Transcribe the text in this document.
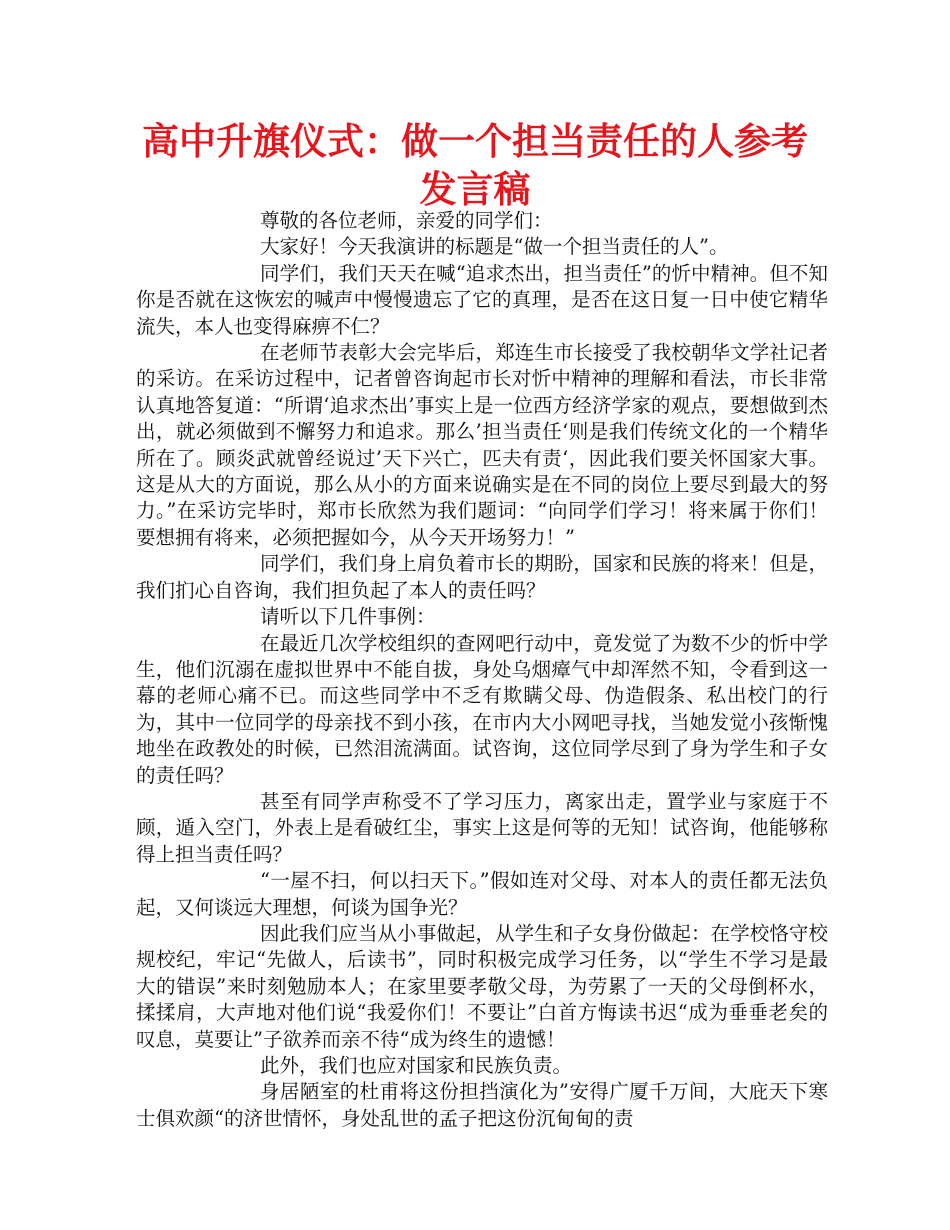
高中升旗仪式：做一个担当责任的人参考发言稿

尊敬的各位老师，亲爱的同学们：

大家好！今天我演讲的标题是“做一个担当责任的人”。

同学们，我们天天在喊“追求杰出，担当责任”的忻中精神。但不知你是否就在这恢宏的喊声中慢慢遗忘了它的真理，是否在这日复一日中使它精华流失，本人也变得麻痹不仁？

在老师节表彰大会完毕后，郑连生市长接受了我校朝华文学社记者的采访。在采访过程中，记者曾咨询起市长对忻中精神的理解和看法，市长非常认真地答复道：“所谓‘追求杰出’事实上是一位西方经济学家的观点，要想做到杰出，就必须做到不懈努力和追求。那么’担当责任‘则是我们传统文化的一个精华所在了。顾炎武就曾经说过’天下兴亡，匹夫有责‘，因此我们要关怀国家大事。这是从大的方面说，那么从小的方面来说确实是在不同的岗位上要尽到最大的努力。”在采访完毕时，郑市长欣然为我们题词：“向同学们学习！将来属于你们！要想拥有将来，必须把握如今，从今天开场努力！”

同学们，我们身上肩负着市长的期盼，国家和民族的将来！但是，我们扪心自咨询，我们担负起了本人的责任吗？

请听以下几件事例：

在最近几次学校组织的查网吧行动中，竟发觉了为数不少的忻中学生，他们沉溺在虚拟世界中不能自拔，身处乌烟瘴气中却浑然不知，令看到这一幕的老师心痛不已。而这些同学中不乏有欺瞒父母、伪造假条、私出校门的行为，其中一位同学的母亲找不到小孩，在市内大小网吧寻找，当她发觉小孩惭愧地坐在政教处的时候，已然泪流满面。试咨询，这位同学尽到了身为学生和子女的责任吗？

甚至有同学声称受不了学习压力，离家出走，置学业与家庭于不顾，遁入空门，外表上是看破红尘，事实上这是何等的无知！试咨询，他能够称得上担当责任吗？

“一屋不扫，何以扫天下。”假如连对父母、对本人的责任都无法负起，又何谈远大理想，何谈为国争光？

因此我们应当从小事做起，从学生和子女身份做起：在学校恪守校规校纪，牢记“先做人，后读书”，同时积极完成学习任务，以“学生不学习是最大的错误”来时刻勉励本人；在家里要孝敬父母，为劳累了一天的父母倒杯水，揉揉肩，大声地对他们说“我爱你们！不要让”白首方悔读书迟“成为垂垂老矣的叹息，莫要让”子欲养而亲不待“成为终生的遗憾！

此外，我们也应对国家和民族负责。

身居陋室的杜甫将这份担挡演化为”安得广厦千万间，大庇天下寒士俱欢颜“的济世情怀，身处乱世的孟子把这份沉甸甸的责
